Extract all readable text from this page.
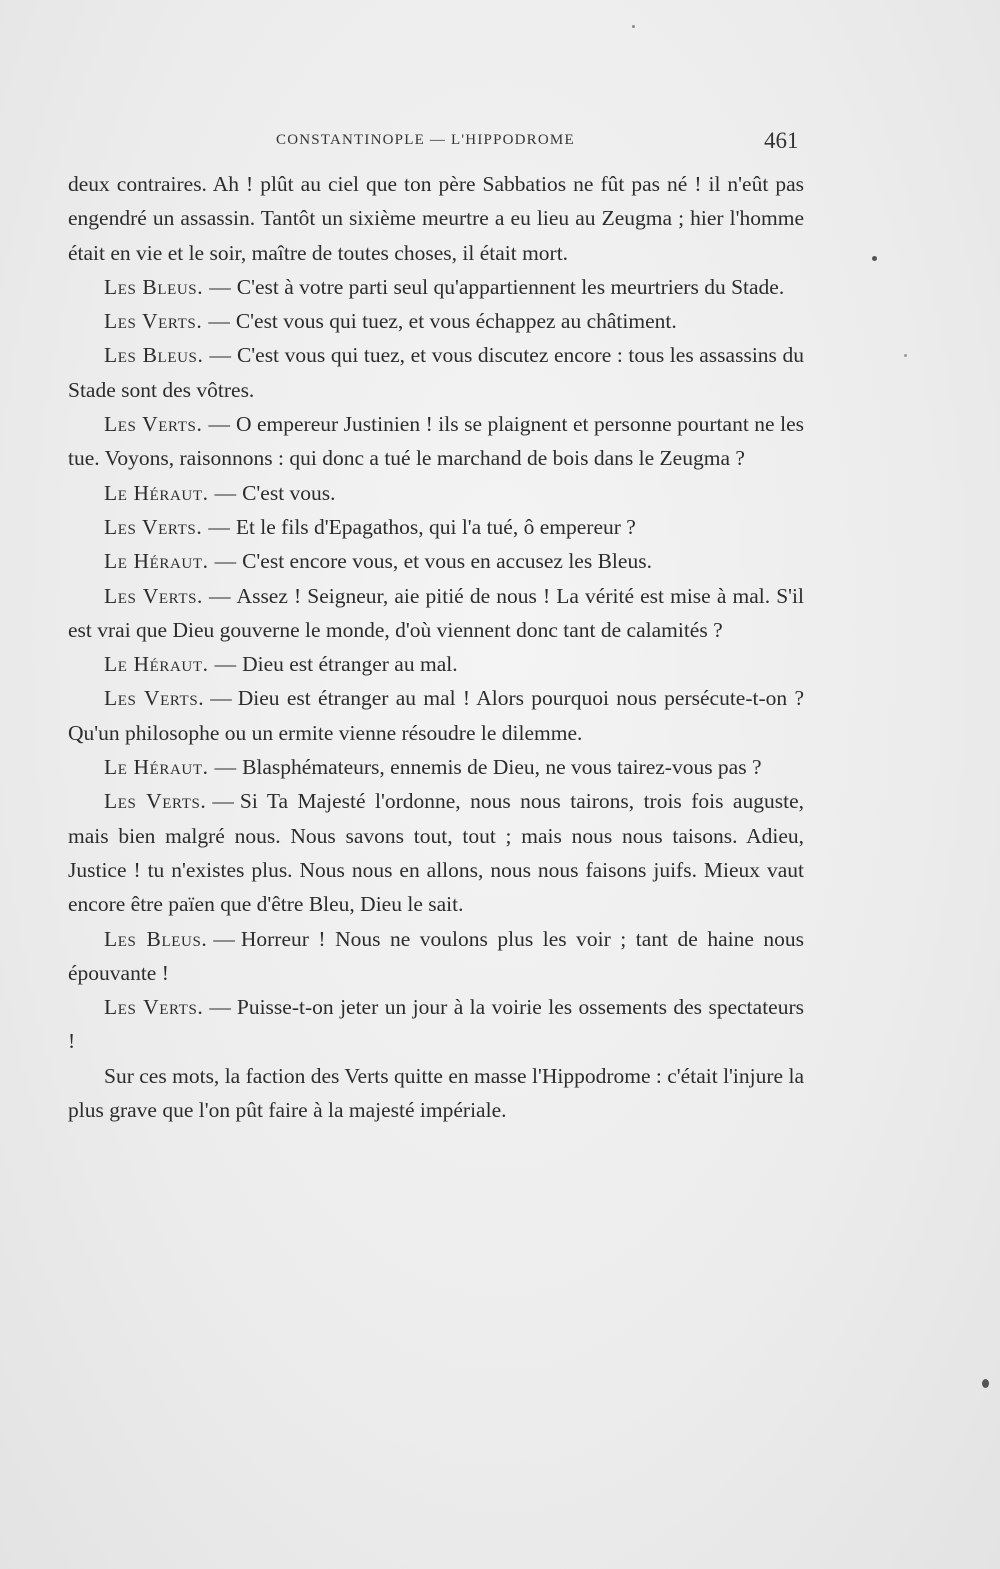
CONSTANTINOPLE — L'HIPPODROME	461

deux contraires. Ah ! plût au ciel que ton père Sabbatios ne fût pas né ! il n'eût pas engendré un assassin. Tantôt un sixième meurtre a eu lieu au Zeugma ; hier l'homme était en vie et le soir, maître de toutes choses, il était mort.

Les Bleus. — C'est à votre parti seul qu'appartiennent les meurtriers du Stade.

Les Verts. — C'est vous qui tuez, et vous échappez au châtiment.

Les Bleus. — C'est vous qui tuez, et vous discutez encore : tous les assassins du Stade sont des vôtres.

Les Verts. — O empereur Justinien ! ils se plaignent et personne pourtant ne les tue. Voyons, raisonnons : qui donc a tué le marchand de bois dans le Zeugma ?

Le Héraut. — C'est vous.

Les Verts. — Et le fils d'Epagathos, qui l'a tué, ô empereur ?

Le Héraut. — C'est encore vous, et vous en accusez les Bleus.

Les Verts. — Assez ! Seigneur, aie pitié de nous ! La vérité est mise à mal. S'il est vrai que Dieu gouverne le monde, d'où viennent donc tant de calamités ?

Le Héraut. — Dieu est étranger au mal.

Les Verts. — Dieu est étranger au mal ! Alors pourquoi nous persécute-t-on ? Qu'un philosophe ou un ermite vienne résoudre le dilemme.

Le Héraut. — Blasphémateurs, ennemis de Dieu, ne vous tairez-vous pas ?

Les Verts. — Si Ta Majesté l'ordonne, nous nous tairons, trois fois auguste, mais bien malgré nous. Nous savons tout, tout ; mais nous nous taisons. Adieu, Justice ! tu n'existes plus. Nous nous en allons, nous nous faisons juifs. Mieux vaut encore être païen que d'être Bleu, Dieu le sait.

Les Bleus. — Horreur ! Nous ne voulons plus les voir ; tant de haine nous épouvante !

Les Verts. — Puisse-t-on jeter un jour à la voirie les ossements des spectateurs !

Sur ces mots, la faction des Verts quitte en masse l'Hippodrome : c'était l'injure la plus grave que l'on pût faire à la majesté impériale.
